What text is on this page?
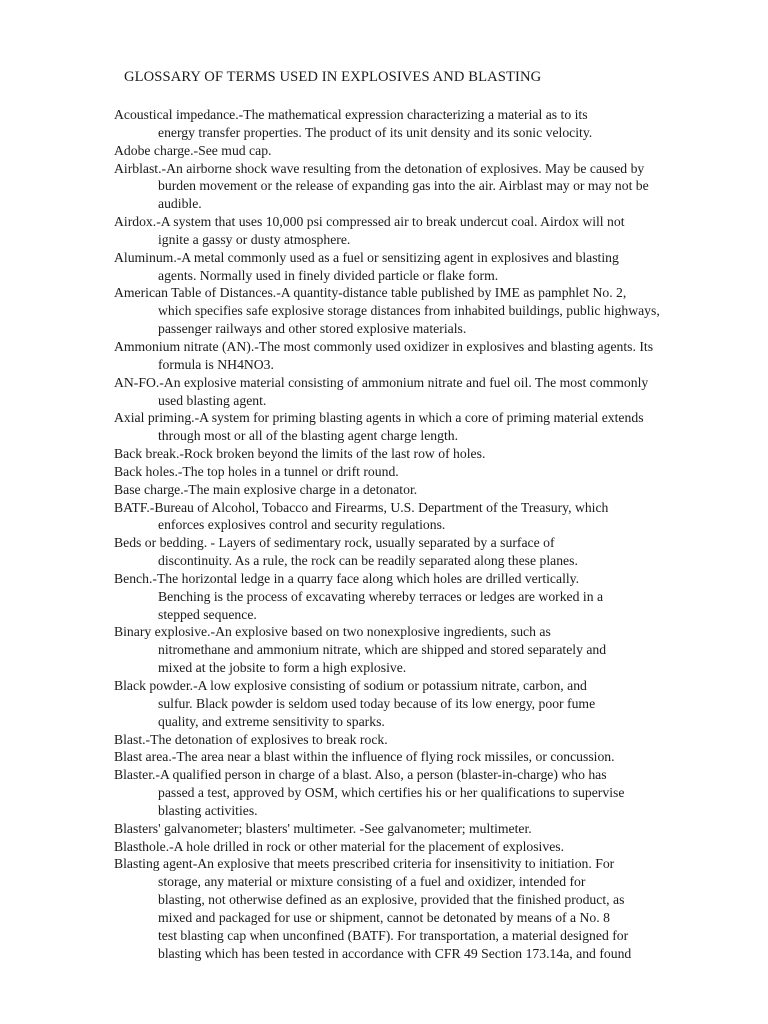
GLOSSARY OF TERMS USED IN EXPLOSIVES AND BLASTING

Acoustical impedance.-The mathematical expression characterizing a material as to its
energy transfer properties. The product of its unit density and its sonic velocity.

Adobe charge.-See mud cap.

Airblast.-An airborne shock wave resulting from the detonation of explosives. May be caused by
burden movement or the release of expanding gas into the air. Airblast may or may not be
audible.

Airdox.-A system that uses 10,000 psi compressed air to break undercut coal. Airdox will not
ignite a gassy or dusty atmosphere.

Aluminum.-A metal commonly used as a fuel or sensitizing agent in explosives and blasting
agents. Normally used in finely divided particle or flake form.

American Table of Distances.-A quantity-distance table published by IME as pamphlet No. 2,
which specifies safe explosive storage distances from inhabited buildings, public highways,
passenger railways and other stored explosive materials.

Ammonium nitrate (AN).-The most commonly used oxidizer in explosives and blasting agents. Its
formula is NH4NO3.

AN-FO.-An explosive material consisting of ammonium nitrate and fuel oil. The most commonly
used blasting agent.

Axial priming.-A system for priming blasting agents in which a core of priming material extends
through most or all of the blasting agent charge length.

Back break.-Rock broken beyond the limits of the last row of holes.

Back holes.-The top holes in a tunnel or drift round.

Base charge.-The main explosive charge in a detonator.

BATF.-Bureau of Alcohol, Tobacco and Firearms, U.S. Department of the Treasury, which
enforces explosives control and security regulations.

Beds or bedding. - Layers of sedimentary rock, usually separated by a surface of
discontinuity. As a rule, the rock can be readily separated along these planes.

Bench.-The horizontal ledge in a quarry face along which holes are drilled vertically.
Benching is the process of excavating whereby terraces or ledges are worked in a
stepped sequence.

Binary explosive.-An explosive based on two nonexplosive ingredients, such as
nitromethane and ammonium nitrate, which are shipped and stored separately and
mixed at the jobsite to form a high explosive.

Black powder.-A low explosive consisting of sodium or potassium nitrate, carbon, and
sulfur. Black powder is seldom used today because of its low energy, poor fume
quality, and extreme sensitivity to sparks.

Blast.-The detonation of explosives to break rock.

Blast area.-The area near a blast within the influence of flying rock missiles, or concussion.

Blaster.-A qualified person in charge of a blast. Also, a person (blaster-in-charge) who has
passed a test, approved by OSM, which certifies his or her qualifications to supervise
blasting activities.

Blasters' galvanometer; blasters' multimeter. -See galvanometer; multimeter.

Blasthole.-A hole drilled in rock or other material for the placement of explosives.

Blasting agent-An explosive that meets prescribed criteria for insensitivity to initiation. For
storage, any material or mixture consisting of a fuel and oxidizer, intended for
blasting, not otherwise defined as an explosive, provided that the finished product, as
mixed and packaged for use or shipment, cannot be detonated by means of a No. 8
test blasting cap when unconfined (BATF). For transportation, a material designed for
blasting which has been tested in accordance with CFR 49 Section 173.14a, and found
